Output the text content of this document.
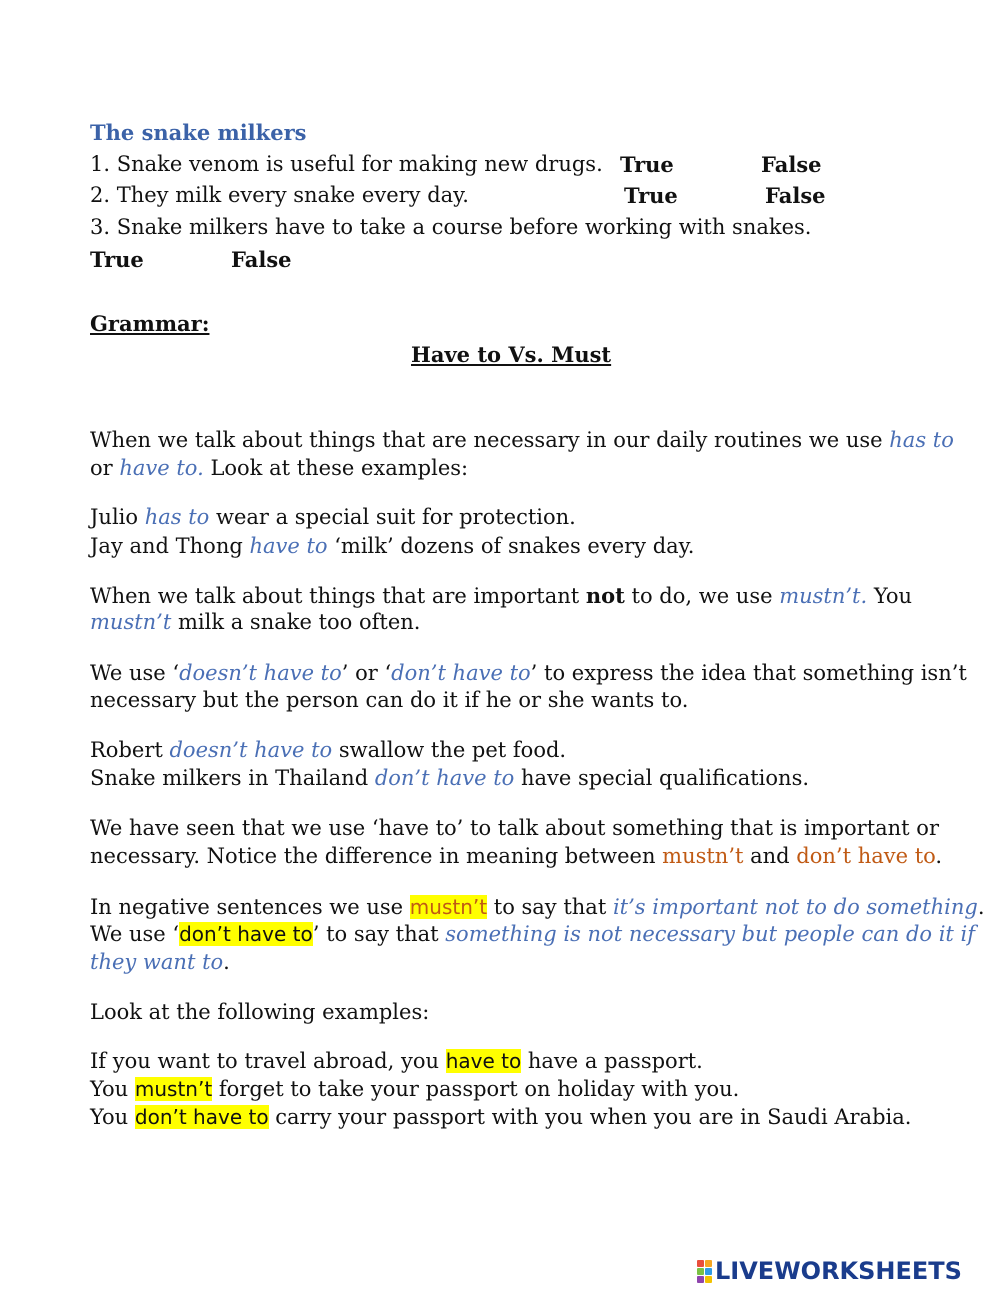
The snake milkers
1. Snake venom is useful for making new drugs. True	False
2. They milk every snake every day.	True	False
3. Snake milkers have to take a course before working with snakes.
True	False
Grammar:
Have to Vs. Must
When we talk about things that are necessary in our daily routines we use has to
or have to. Look at these examples:
Julio has to wear a special suit for protection.
Jay and Thong have to ‘milk’ dozens of snakes every day.
When we talk about things that are important not to do, we use mustn’t. You
mustn’t milk a snake too often.
We use ‘doesn’t have to’ or ‘don’t have to’ to express the idea that something isn’t
necessary but the person can do it if he or she wants to.
Robert doesn’t have to swallow the pet food.
Snake milkers in Thailand don’t have to have special qualifications.
We have seen that we use ‘have to’ to talk about something that is important or
necessary. Notice the difference in meaning between mustn’t and don’t have to.
In negative sentences we use mustn’t to say that it’s important not to do something.
We use ‘don’t have to’ to say that something is not necessary but people can do it if
they want to.
Look at the following examples:
If you want to travel abroad, you have to have a passport.
You mustn’t forget to take your passport on holiday with you.
You don’t have to carry your passport with you when you are in Saudi Arabia.
LIVEWORKSHEETS
